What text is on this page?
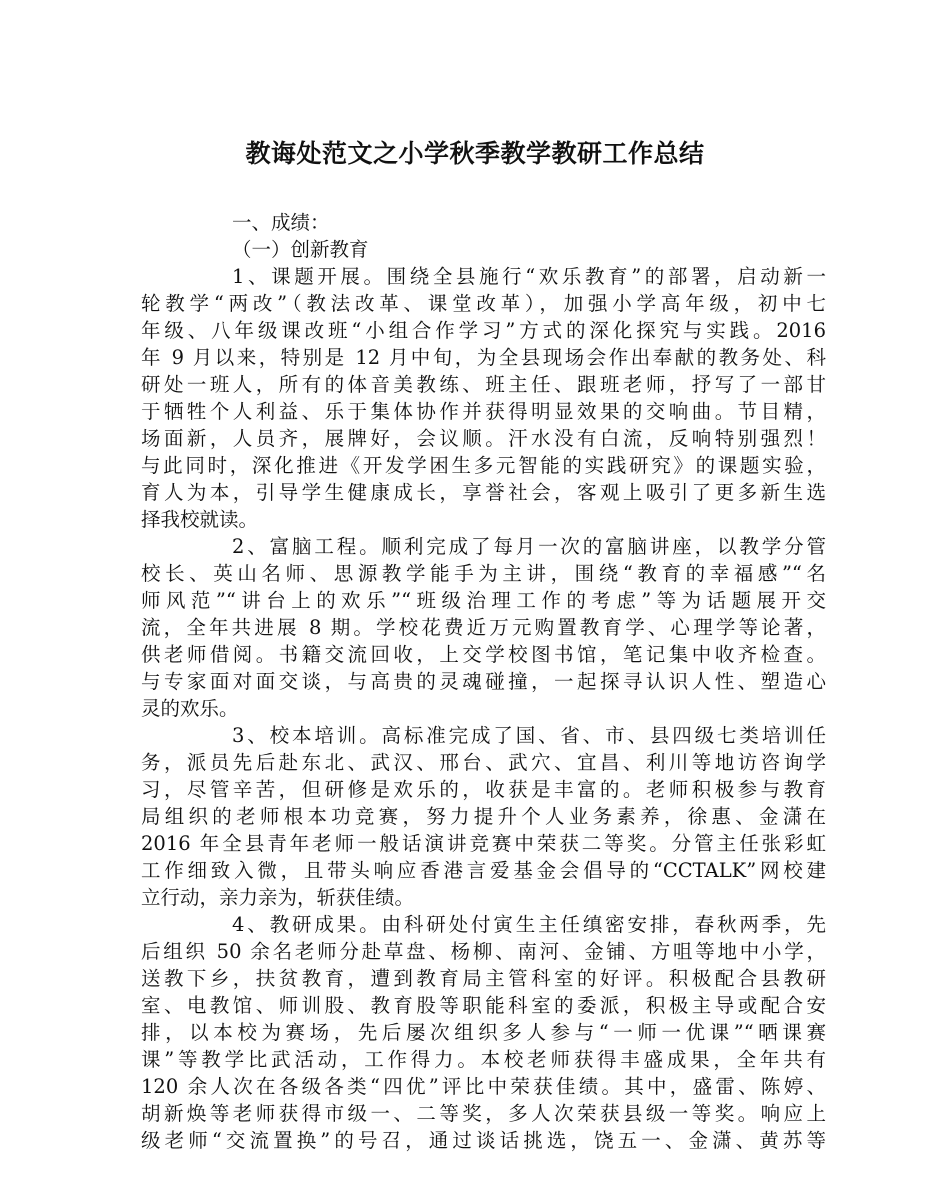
教诲处范文之小学秋季教学教研工作总结
一、成绩：
（一）创新教育
1、课题开展。围绕全县施行“欢乐教育”的部署，启动新一
轮教学“两改”（教法改革、课堂改革），加强小学高年级，初中七
年级、八年级课改班“小组合作学习”方式的深化探究与实践。2016
年 9 月以来，特别是 12 月中旬，为全县现场会作出奉献的教务处、科
研处一班人，所有的体音美教练、班主任、跟班老师，抒写了一部甘
于牺牲个人利益、乐于集体协作并获得明显效果的交响曲。节目精，
场面新，人员齐，展牌好，会议顺。汗水没有白流，反响特别强烈！
与此同时，深化推进《开发学困生多元智能的实践研究》的课题实验，
育人为本，引导学生健康成长，享誉社会，客观上吸引了更多新生选
择我校就读。
2、富脑工程。顺利完成了每月一次的富脑讲座，以教学分管
校长、英山名师、思源教学能手为主讲，围绕“教育的幸福感”“名
师风范”“讲台上的欢乐”“班级治理工作的考虑”等为话题展开交
流，全年共进展 8 期。学校花费近万元购置教育学、心理学等论著，
供老师借阅。书籍交流回收，上交学校图书馆，笔记集中收齐检查。
与专家面对面交谈，与高贵的灵魂碰撞，一起探寻认识人性、塑造心
灵的欢乐。
3、校本培训。高标准完成了国、省、市、县四级七类培训任
务，派员先后赴东北、武汉、邢台、武穴、宜昌、利川等地访咨询学
习，尽管辛苦，但研修是欢乐的，收获是丰富的。老师积极参与教育
局组织的老师根本功竞赛，努力提升个人业务素养，徐惠、金潇在
2016 年全县青年老师一般话演讲竞赛中荣获二等奖。分管主任张彩虹
工作细致入微，且带头响应香港言爱基金会倡导的“CCTALK”网校建
立行动，亲力亲为，斩获佳绩。
4、教研成果。由科研处付寅生主任缜密安排，春秋两季，先
后组织 50 余名老师分赴草盘、杨柳、南河、金铺、方咀等地中小学，
送教下乡，扶贫教育，遭到教育局主管科室的好评。积极配合县教研
室、电教馆、师训股、教育股等职能科室的委派，积极主导或配合安
排，以本校为赛场，先后屡次组织多人参与“一师一优课”“晒课赛
课”等教学比武活动，工作得力。本校老师获得丰盛成果，全年共有
120 余人次在各级各类“四优”评比中荣获佳绩。其中，盛雷、陈婷、
胡新焕等老师获得市级一、二等奖，多人次荣获县级一等奖。响应上
级老师“交流置换”的号召，通过谈话挑选，饶五一、金潇、黄苏等
